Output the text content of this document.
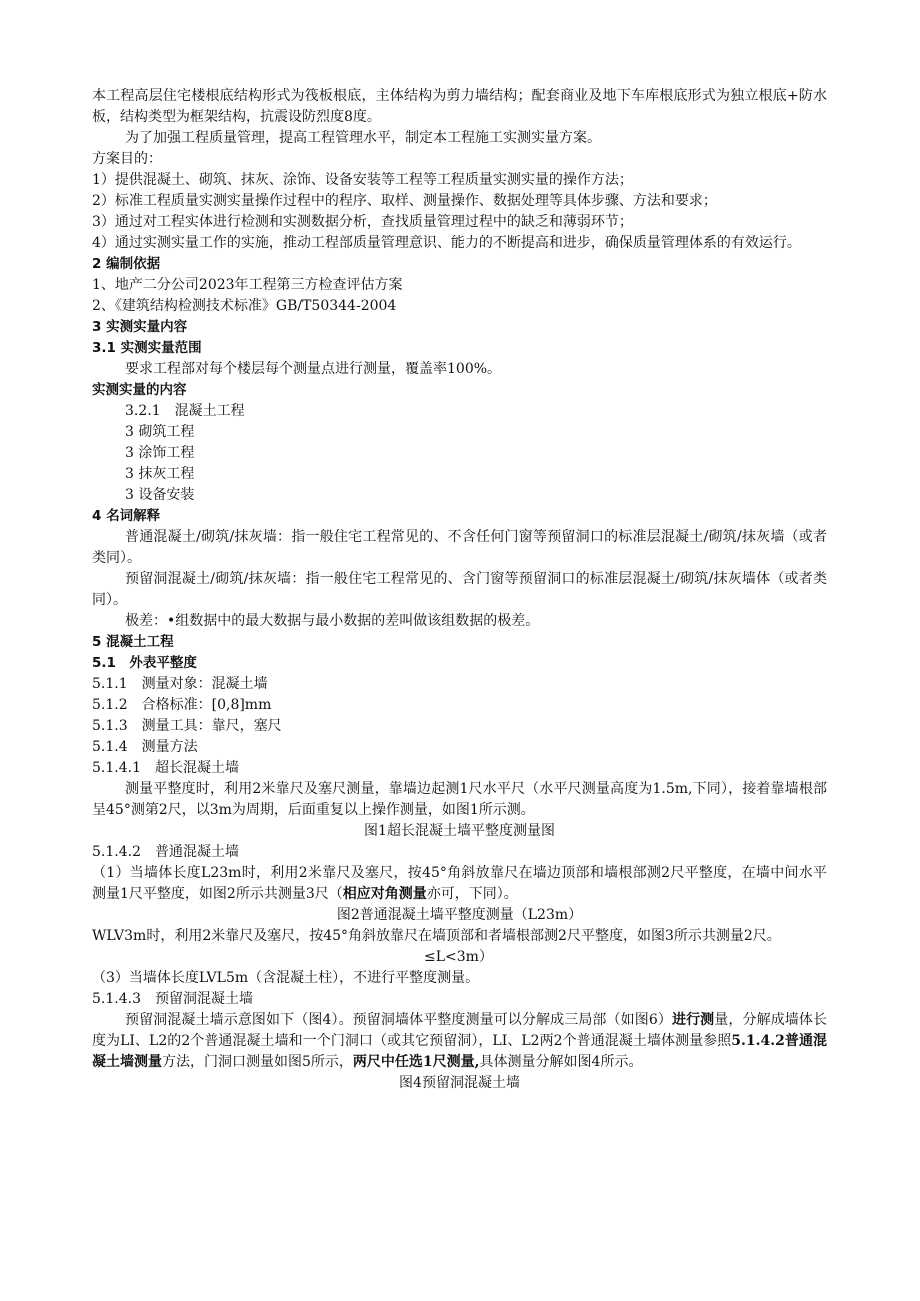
本工程高层住宅楼根底结构形式为筏板根底，主体结构为剪力墙结构；配套商业及地下车库根底形式为独立根底+防水板，结构类型为框架结构，抗震设防烈度8度。

为了加强工程质量管理，提高工程管理水平，制定本工程施工实测实量方案。

方案目的：

1）提供混凝土、砌筑、抹灰、涂饰、设备安装等工程等工程质量实测实量的操作方法；

2）标准工程质量实测实量操作过程中的程序、取样、测量操作、数据处理等具体步骤、方法和要求；

3）通过对工程实体进行检测和实测数据分析，查找质量管理过程中的缺乏和薄弱环节；

4）通过实测实量工作的实施，推动工程部质量管理意识、能力的不断提高和进步，确保质量管理体系的有效运行。

2 编制依据

1、地产二分公司2023年工程第三方检查评估方案

2、《建筑结构检测技术标准》GB/T50344-2004

3 实测实量内容

3.1 实测实量范围

要求工程部对每个楼层每个测量点进行测量，覆盖率100%。

实测实量的内容

3.2.1　混凝土工程

3 砌筑工程

3 涂饰工程

3 抹灰工程

3 设备安装

4 名词解释

普通混凝土/砌筑/抹灰墙：指一般住宅工程常见的、不含任何门窗等预留洞口的标准层混凝土/砌筑/抹灰墙（或者类同）。

预留洞混凝土/砌筑/抹灰墙：指一般住宅工程常见的、含门窗等预留洞口的标准层混凝土/砌筑/抹灰墙体（或者类同）。

极差：•组数据中的最大数据与最小数据的差叫做该组数据的极差。

5 混凝土工程

5.1　外表平整度

5.1.1　测量对象：混凝土墙

5.1.2　合格标准：[0,8]mm

5.1.3　测量工具：靠尺，塞尺

5.1.4　测量方法

5.1.4.1　超长混凝土墙

测量平整度时，利用2米靠尺及塞尺测量，靠墙边起测1尺水平尺（水平尺测量高度为1.5m,下同），接着靠墙根部呈45°测第2尺，以3m为周期，后面重复以上操作测量，如图1所示测。

图1超长混凝土墙平整度测量图

5.1.4.2　普通混凝土墙

（1）当墙体长度L23m时，利用2米靠尺及塞尺，按45°角斜放靠尺在墙边顶部和墙根部测2尺平整度，在墙中间水平测量1尺平整度，如图2所示共测量3尺（相应对角测量亦可，下同）。

图2普通混凝土墙平整度测量（L23m）

WLV3m时，利用2米靠尺及塞尺，按45°角斜放靠尺在墙顶部和者墙根部测2尺平整度，如图3所示共测量2尺。

≤L<3m）

（3）当墙体长度LVL5m（含混凝土柱），不进行平整度测量。

5.1.4.3　预留洞混凝土墙

预留洞混凝土墙示意图如下（图4）。预留洞墙体平整度测量可以分解成三局部（如图6）进行测量，分解成墙体长度为LI、L2的2个普通混凝土墙和一个门洞口（或其它预留洞），LI、L2两2个普通混凝土墙体测量参照5.1.4.2普通混凝土墙测量方法，门洞口测量如图5所示，两尺中任选1尺测量,具体测量分解如图4所示。

图4预留洞混凝土墙
